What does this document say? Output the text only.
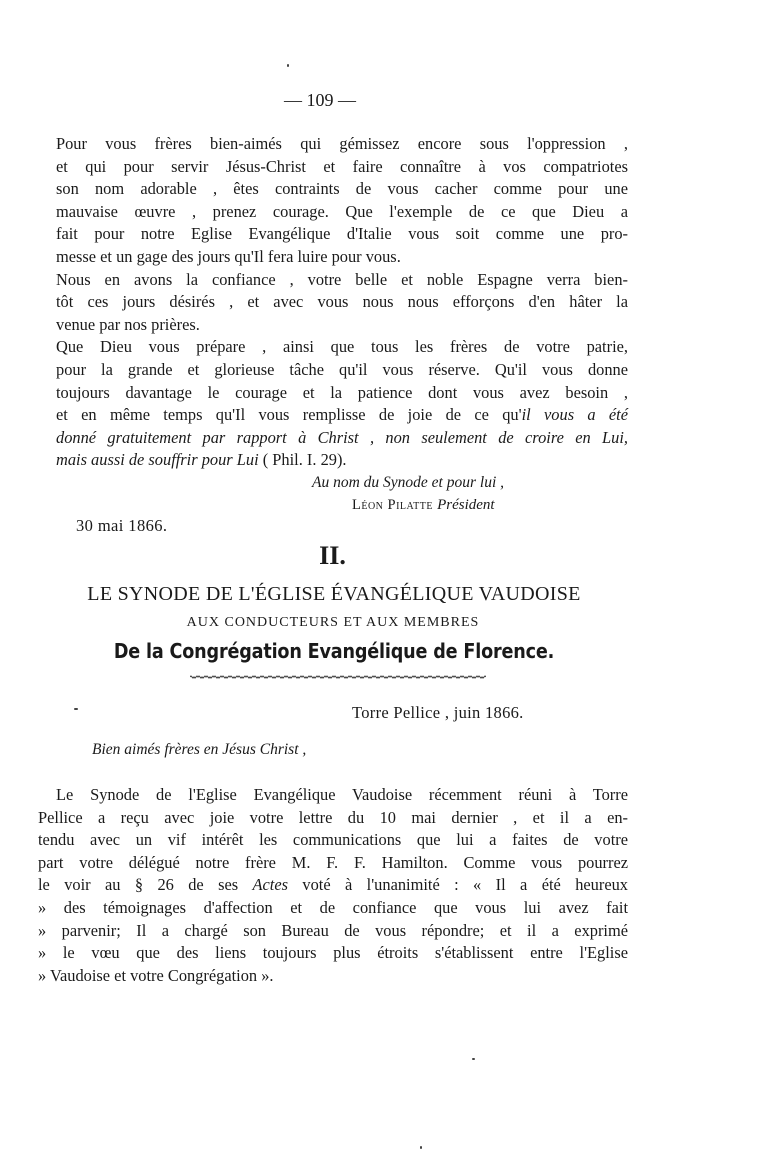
— 109 —

Pour vous frères bien-aimés qui gémissez encore sous l'oppression ,
et qui pour servir Jésus-Christ et faire connaître à vos compatriotes
son nom adorable , êtes contraints de vous cacher comme pour une
mauvaise œuvre , prenez courage. Que l'exemple de ce que Dieu a
fait pour notre Eglise Evangélique d'Italie vous soit comme une pro-
messe et un gage des jours qu'Il fera luire pour vous.

Nous en avons la confiance , votre belle et noble Espagne verra bien-
tôt ces jours désirés , et avec vous nous nous efforçons d'en hâter la
venue par nos prières.

Que Dieu vous prépare , ainsi que tous les frères de votre patrie,
pour la grande et glorieuse tâche qu'il vous réserve. Qu'il vous donne
toujours davantage le courage et la patience dont vous avez besoin ,
et en même temps qu'Il vous remplisse de joie de ce qu'il vous a été
donné gratuitement par rapport à Christ , non seulement de croire en Lui,
mais aussi de souffrir pour Lui ( Phil. I. 29).

Au nom du Synode et pour lui ,
Léon Pilatte Président
30 mai 1866.
II.
LE SYNODE DE L'ÉGLISE ÉVANGÉLIQUE VAUDOISE
AUX CONDUCTEURS ET AUX MEMBRES
De la Congrégation Evangélique de Florence.
Torre Pellice , juin 1866.
Bien aimés frères en Jésus Christ ,

Le Synode de l'Eglise Evangélique Vaudoise récemment réuni à Torre
Pellice a reçu avec joie votre lettre du 10 mai dernier , et il a en-
tendu avec un vif intérêt les communications que lui a faites de votre
part votre délégué notre frère M. F. F. Hamilton. Comme vous pourrez
le voir au § 26 de ses Actes voté à l'unanimité : « Il a été heureux
» des témoignages d'affection et de confiance que vous lui avez fait
» parvenir; Il a chargé son Bureau de vous répondre; et il a exprimé
» le vœu que des liens toujours plus étroits s'établissent entre l'Eglise
» Vaudoise et votre Congrégation ».
